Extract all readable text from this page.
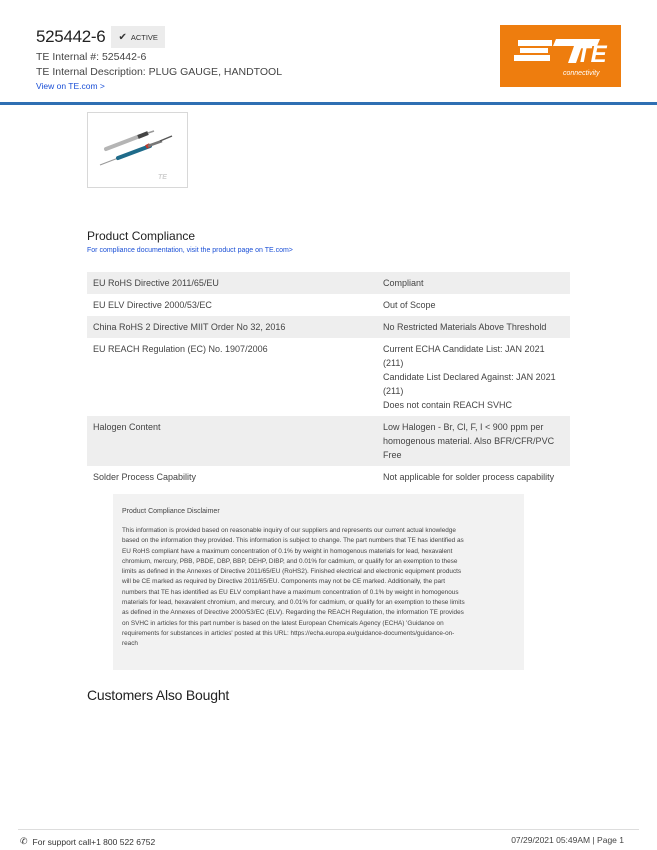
525442-6 ✔ ACTIVE
TE Internal #: 525442-6
TE Internal Description: PLUG GAUGE, HANDTOOL
View on TE.com >
TE
connectivity
TE
Product Compliance
For compliance documentation, visit the product page on TE.com>
EU RoHS Directive 2011/65/EU	Compliant
EU ELV Directive 2000/53/EC	Out of Scope
China RoHS 2 Directive MIIT Order No 32, 2016	No Restricted Materials Above Threshold
EU REACH Regulation (EC) No. 1907/2006	Current ECHA Candidate List: JAN 2021
(211)
Candidate List Declared Against: JAN 2021
(211)
Does not contain REACH SVHC
Halogen Content	Low Halogen - Br, Cl, F, I < 900 ppm per
homogenous material. Also BFR/CFR/PVC
Free
Solder Process Capability	Not applicable for solder process capability
Product Compliance Disclaimer
This information is provided based on reasonable inquiry of our suppliers and represents our current actual knowledge
based on the information they provided. This information is subject to change. The part numbers that TE has identified as
EU RoHS compliant have a maximum concentration of 0.1% by weight in homogenous materials for lead, hexavalent
chromium, mercury, PBB, PBDE, DBP, BBP, DEHP, DIBP, and 0.01% for cadmium, or qualify for an exemption to these
limits as defined in the Annexes of Directive 2011/65/EU (RoHS2). Finished electrical and electronic equipment products
will be CE marked as required by Directive 2011/65/EU. Components may not be CE marked. Additionally, the part
numbers that TE has identified as EU ELV compliant have a maximum concentration of 0.1% by weight in homogenous
materials for lead, hexavalent chromium, and mercury, and 0.01% for cadmium, or qualify for an exemption to these limits
as defined in the Annexes of Directive 2000/53/EC (ELV). Regarding the REACH Regulation, the information TE provides
on SVHC in articles for this part number is based on the latest European Chemicals Agency (ECHA) 'Guidance on
requirements for substances in articles' posted at this URL: https://echa.europa.eu/guidance-documents/guidance-on-
reach
Customers Also Bought
✆ For support call+1 800 522 6752	07/29/2021 05:49AM | Page 1
